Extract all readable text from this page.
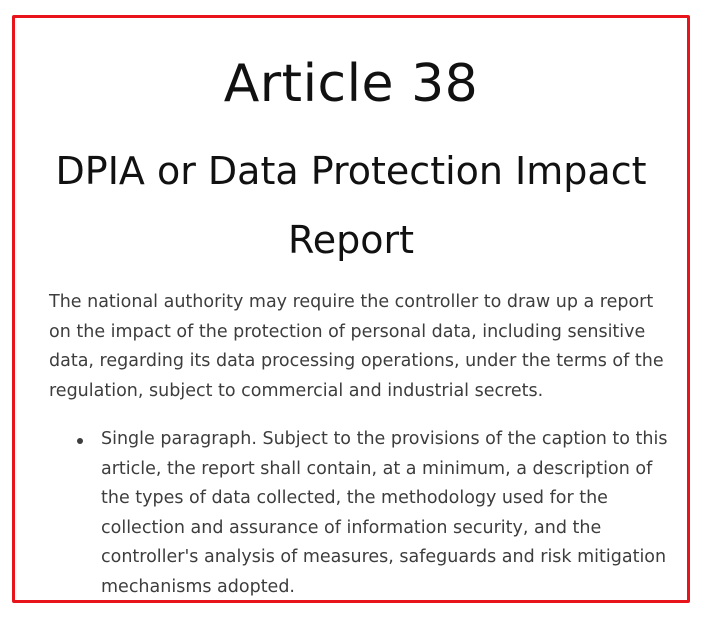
Article 38
DPIA or Data Protection Impact Report

The national authority may require the controller to draw up a report on the impact of the protection of personal data, including sensitive data, regarding its data processing operations, under the terms of the regulation, subject to commercial and industrial secrets.

Single paragraph. Subject to the provisions of the caption to this article, the report shall contain, at a minimum, a description of the types of data collected, the methodology used for the collection and assurance of information security, and the controller's analysis of measures, safeguards and risk mitigation mechanisms adopted.
